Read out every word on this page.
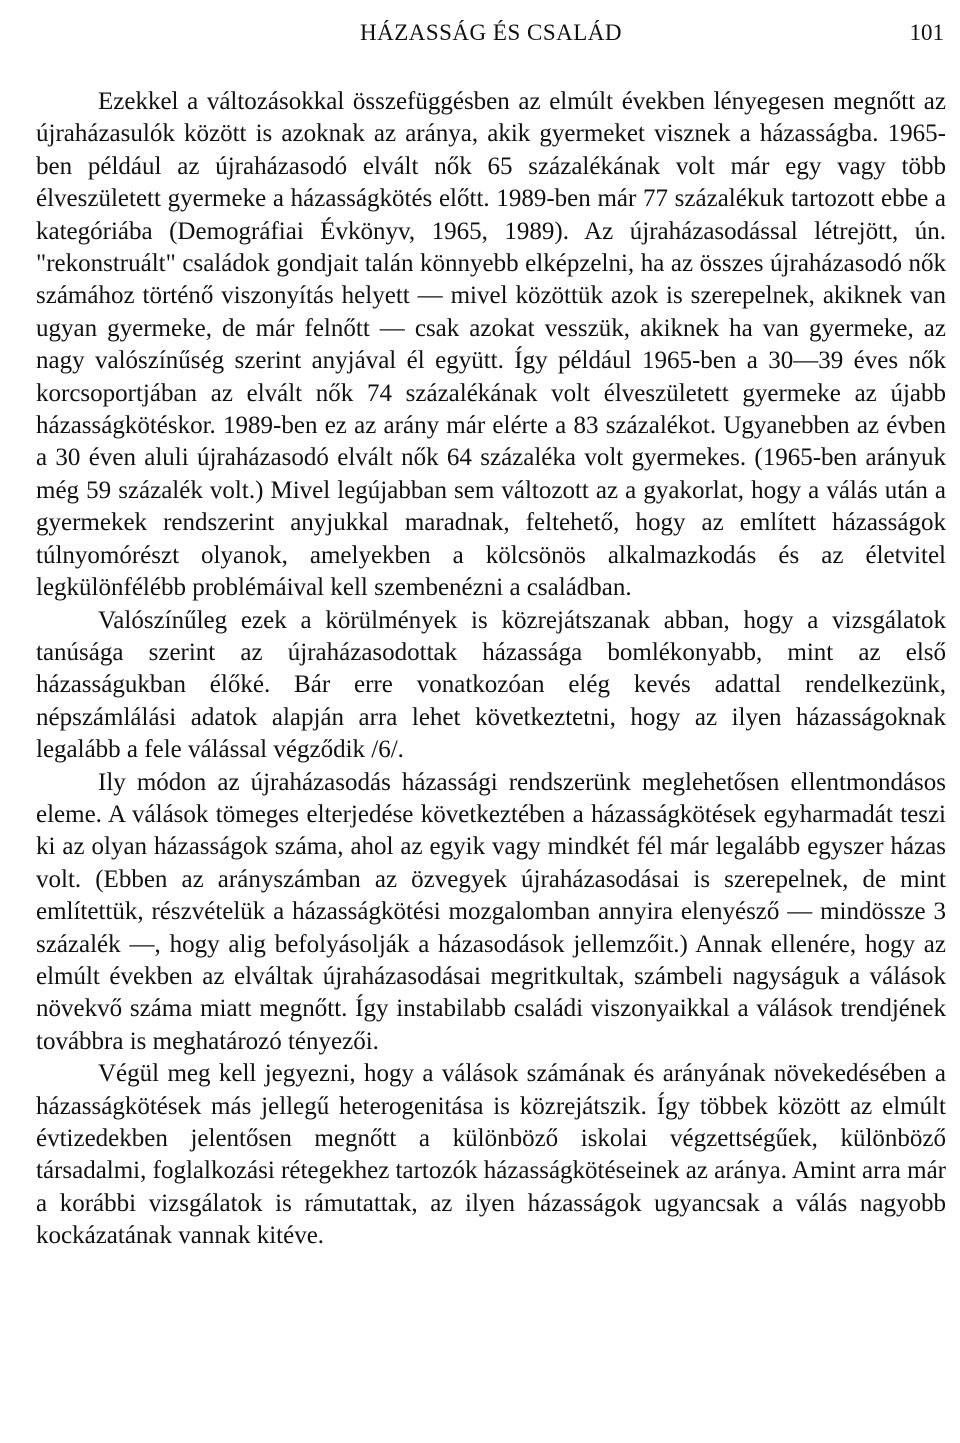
HÁZASSÁG ÉS CSALÁD	101

Ezekkel a változásokkal összefüggésben az elmúlt években lényegesen megnőtt az újraházasulók között is azoknak az aránya, akik gyermeket visznek a házasságba. 1965-ben például az újraházasodó elvált nők 65 százalékának volt már egy vagy több élveszületett gyermeke a házasságkötés előtt. 1989-ben már 77 százalékuk tartozott ebbe a kategóriába (Demográfiai Évkönyv, 1965, 1989). Az újraházasodással létrejött, ún. "rekonstruált" családok gondjait talán könnyebb elképzelni, ha az összes újraházasodó nők számához történő viszonyítás helyett — mivel közöttük azok is szerepelnek, akiknek van ugyan gyermeke, de már felnőtt — csak azokat vesszük, akiknek ha van gyermeke, az nagy valószínűség szerint anyjával él együtt. Így például 1965-ben a 30—39 éves nők korcsoportjában az elvált nők 74 százalékának volt élveszületett gyermeke az újabb házasságkötéskor. 1989-ben ez az arány már elérte a 83 százalékot. Ugyanebben az évben a 30 éven aluli újraházasodó elvált nők 64 százaléka volt gyermekes. (1965-ben arányuk még 59 százalék volt.) Mivel legújabban sem változott az a gyakorlat, hogy a válás után a gyermekek rendszerint anyjukkal maradnak, feltehető, hogy az említett házasságok túlnyomórészt olyanok, amelyekben a kölcsönös alkalmazkodás és az életvitel legkülönfélébb problémáival kell szembenézni a családban.

Valószínűleg ezek a körülmények is közrejátszanak abban, hogy a vizsgálatok tanúsága szerint az újraházasodottak házassága bomlékonyabb, mint az első házasságukban élőké. Bár erre vonatkozóan elég kevés adattal rendelkezünk, népszámlálási adatok alapján arra lehet következtetni, hogy az ilyen házasságoknak legalább a fele válással végződik /6/.

Ily módon az újraházasodás házassági rendszerünk meglehetősen ellentmondásos eleme. A válások tömeges elterjedése következtében a házasságkötések egyharmadát teszi ki az olyan házasságok száma, ahol az egyik vagy mindkét fél már legalább egyszer házas volt. (Ebben az arányszámban az özvegyek újraházasodásai is szerepelnek, de mint említettük, részvételük a házasságkötési mozgalomban annyira elenyésző — mindössze 3 százalék —, hogy alig befolyásolják a házasodások jellemzőit.) Annak ellenére, hogy az elmúlt években az elváltak újraházasodásai megritkultak, számbeli nagyságuk a válások növekvő száma miatt megnőtt. Így instabilabb családi viszonyaikkal a válások trendjének továbbra is meghatározó tényezői.

Végül meg kell jegyezni, hogy a válások számának és arányának növekedésében a házasságkötések más jellegű heterogenitása is közrejátszik. Így többek között az elmúlt évtizedekben jelentősen megnőtt a különböző iskolai végzettségűek, különböző társadalmi, foglalkozási rétegekhez tartozók házasságkötéseinek az aránya. Amint arra már a korábbi vizsgálatok is rámutattak, az ilyen házasságok ugyancsak a válás nagyobb kockázatának vannak kitéve.
